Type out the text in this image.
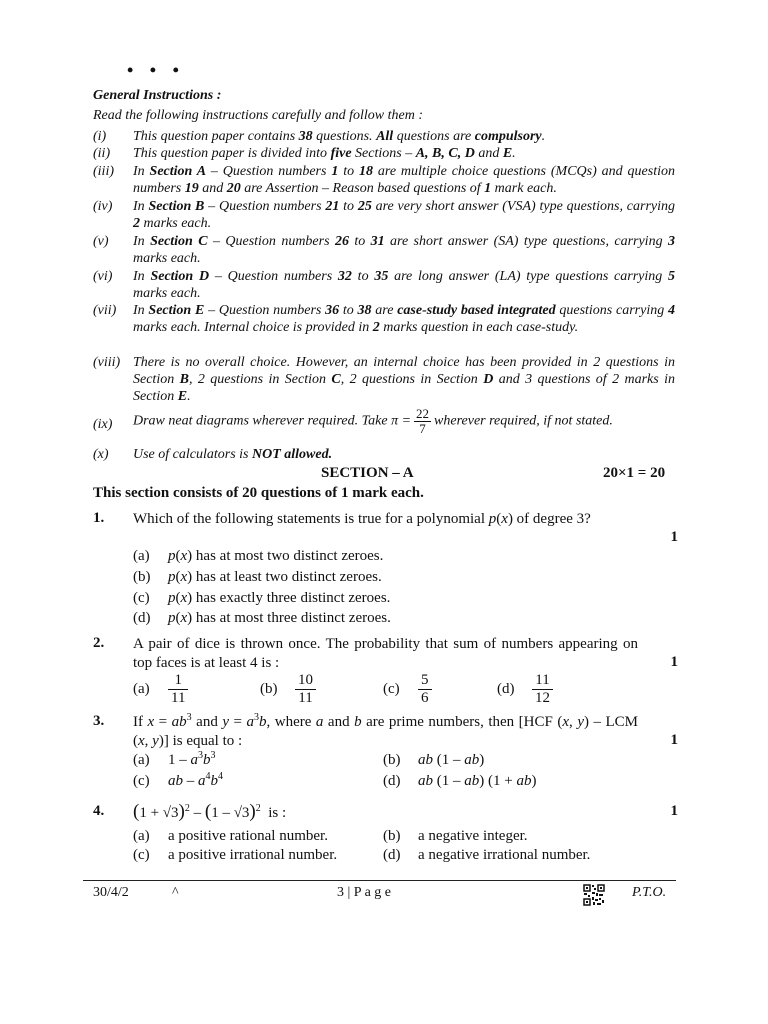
• • •
General Instructions :
Read the following instructions carefully and follow them :
(i)	This question paper contains 38 questions. All questions are compulsory.
(ii)	This question paper is divided into five Sections – A, B, C, D and E.
(iii)	In Section A – Question numbers 1 to 18 are multiple choice questions (MCQs) and question numbers 19 and 20 are Assertion – Reason based questions of 1 mark each.
(iv)	In Section B – Question numbers 21 to 25 are very short answer (VSA) type questions, carrying 2 marks each.
(v)	In Section C – Question numbers 26 to 31 are short answer (SA) type questions, carrying 3 marks each.
(vi)	In Section D – Question numbers 32 to 35 are long answer (LA) type questions carrying 5 marks each.
(vii)	In Section E – Question numbers 36 to 38 are case-study based integrated questions carrying 4 marks each. Internal choice is provided in 2 marks question in each case-study.
(viii) There is no overall choice. However, an internal choice has been provided in 2 questions in Section B, 2 questions in Section C, 2 questions in Section D and 3 questions of 2 marks in Section E.
(ix)	Draw neat diagrams wherever required. Take $\pi = \frac{22}{7}$ wherever required, if not stated.
(x)	Use of calculators is NOT allowed.
SECTION – A	20×1 = 20
This section consists of 20 questions of 1 mark each.
1. Which of the following statements is true for a polynomial p(x) of degree 3?
1
(a) p(x) has at most two distinct zeroes.
(b) p(x) has at least two distinct zeroes.
(c) p(x) has exactly three distinct zeroes.
(d) p(x) has at most three distinct zeroes.
2. A pair of dice is thrown once. The probability that sum of numbers appearing on top faces is at least 4 is :	1
$(a) \frac{1}{11}$	$(b) \frac{10}{11}$	$(c) \frac{5}{6}$	$(d) \frac{11}{12}$
3. If $x = ab^3$ and $y = a^3b$, where a and b are prime numbers, then [HCF (x, y) – LCM (x, y)] is equal to :	1
(a) $1 - a^3b^3$	(b) ab (1 – ab)
(c) ab – $a^4b^4$	(d) ab (1 – ab) (1 + ab)
4. $(1 + √3)^2 - (1 - √3)^2$  is :	1
(a) a positive rational number.	(b) a negative integer.
(c) a positive irrational number.	(d) a negative irrational number.
30/4/2	^	3 | P a g e	P.T.O.
